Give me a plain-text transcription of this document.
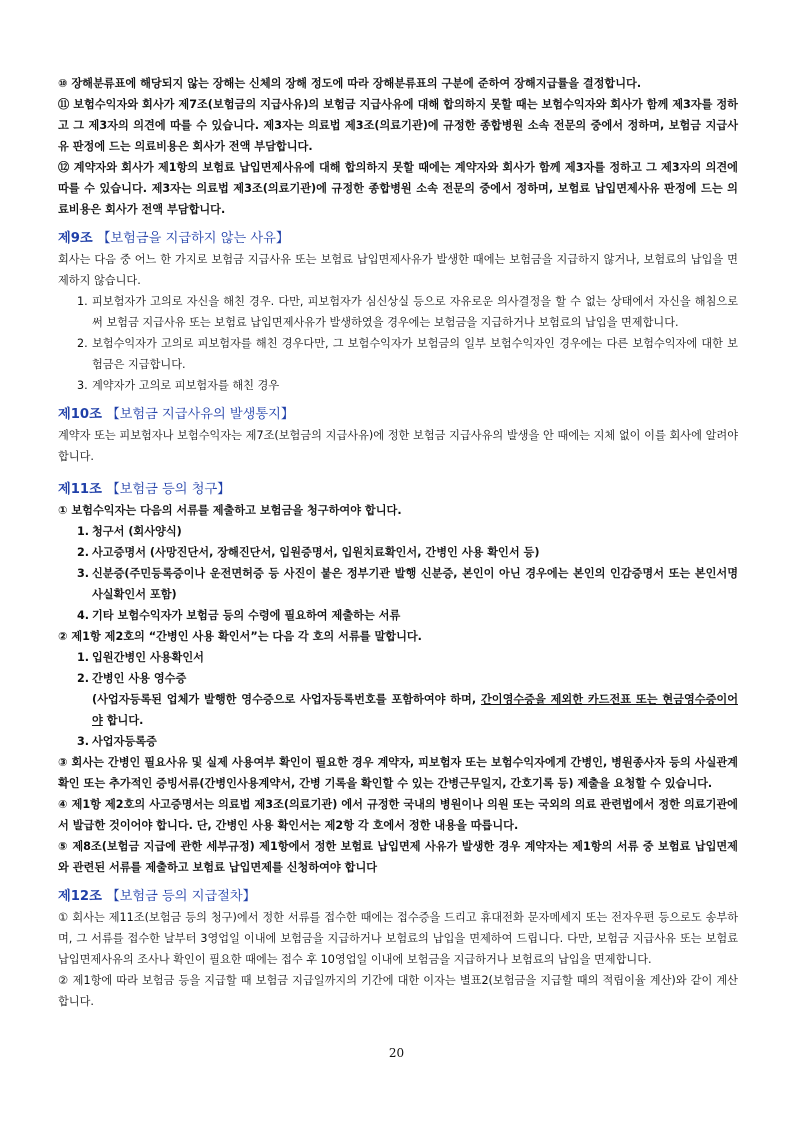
⑩ 장해분류표에 해당되지 않는 장해는 신체의 장해 정도에 따라 장해분류표의 구분에 준하여 장해지급률을 결정합니다.

⑪ 보험수익자와 회사가 제7조(보험금의 지급사유)의 보험금 지급사유에 대해 합의하지 못할 때는 보험수익자와 회사가 함께 제3자를 정하고 그 제3자의 의견에 따를 수 있습니다. 제3자는 의료법 제3조(의료기관)에 규정한 종합병원 소속 전문의 중에서 정하며, 보험금 지급사유 판정에 드는 의료비용은 회사가 전액 부담합니다.

⑫ 계약자와 회사가 제1항의 보험료 납입면제사유에 대해 합의하지 못할 때에는 계약자와 회사가 함께 제3자를 정하고 그 제3자의 의견에 따를 수 있습니다. 제3자는 의료법 제3조(의료기관)에 규정한 종합병원 소속 전문의 중에서 정하며, 보험료 납입면제사유 판정에 드는 의료비용은 회사가 전액 부담합니다.

제9조 【보험금을 지급하지 않는 사유】

회사는 다음 중 어느 한 가지로 보험금 지급사유 또는 보험료 납입면제사유가 발생한 때에는 보험금을 지급하지 않거나, 보험료의 납입을 면제하지 않습니다.

1. 피보험자가 고의로 자신을 해친 경우. 다만, 피보험자가 심신상실 등으로 자유로운 의사결정을 할 수 없는 상태에서 자신을 해침으로써 보험금 지급사유 또는 보험료 납입면제사유가 발생하였을 경우에는 보험금을 지급하거나 보험료의 납입을 면제합니다.
2. 보험수익자가 고의로 피보험자를 해친 경우다만, 그 보험수익자가 보험금의 일부 보험수익자인 경우에는 다른 보험수익자에 대한 보험금은 지급합니다.
3. 계약자가 고의로 피보험자를 해친 경우
제10조 【보험금 지급사유의 발생통지】

계약자 또는 피보험자나 보험수익자는 제7조(보험금의 지급사유)에 정한 보험금 지급사유의 발생을 안 때에는 지체 없이 이를 회사에 알려야 합니다.

제11조 【보험금 등의 청구】

① 보험수익자는 다음의 서류를 제출하고 보험금을 청구하여야 합니다.

1. 청구서 (회사양식)
2. 사고증명서 (사망진단서, 장해진단서, 입원증명서, 입원치료확인서, 간병인 사용 확인서 등)
3. 신분증(주민등록증이나 운전면허증 등 사진이 붙은 정부기관 발행 신분증, 본인이 아닌 경우에는 본인의 인감증명서 또는 본인서명사실확인서 포함)
4. 기타 보험수익자가 보험금 등의 수령에 필요하여 제출하는 서류

② 제1항 제2호의 “간병인 사용 확인서”는 다음 각 호의 서류를 말합니다.

1. 입원간병인 사용확인서
2. 간병인 사용 영수증
(사업자등록된 업체가 발행한 영수증으로 사업자등록번호를 포함하여야 하며, 간이영수증을 제외한 카드전표 또는 현금영수증이어야 합니다.
3. 사업자등록증

③ 회사는 간병인 필요사유 및 실제 사용여부 확인이 필요한 경우 계약자, 피보험자 또는 보험수익자에게 간병인, 병원종사자 등의 사실관계 확인 또는 추가적인 증빙서류(간병인사용계약서, 간병 기록을 확인할 수 있는 간병근무일지, 간호기록 등) 제출을 요청할 수 있습니다.

④ 제1항 제2호의 사고증명서는 의료법 제3조(의료기관) 에서 규정한 국내의 병원이나 의원 또는 국외의 의료 관련법에서 정한 의료기관에서 발급한 것이어야 합니다. 단, 간병인 사용 확인서는 제2항 각 호에서 정한 내용을 따릅니다.

⑤ 제8조(보험금 지급에 관한 세부규정) 제1항에서 정한 보험료 납입면제 사유가 발생한 경우 계약자는 제1항의 서류 중 보험료 납입면제와 관련된 서류를 제출하고 보험료 납입면제를 신청하여야 합니다

제12조 【보험금 등의 지급절차】

① 회사는 제11조(보험금 등의 청구)에서 정한 서류를 접수한 때에는 접수증을 드리고 휴대전화 문자메세지 또는 전자우편 등으로도 송부하며, 그 서류를 접수한 날부터 3영업일 이내에 보험금을 지급하거나 보험료의 납입을 면제하여 드립니다. 다만, 보험금 지급사유 또는 보험료 납입면제사유의 조사나 확인이 필요한 때에는 접수 후 10영업일 이내에 보험금을 지급하거나 보험료의 납입을 면제합니다.

② 제1항에 따라 보험금 등을 지급할 때 보험금 지급일까지의 기간에 대한 이자는 별표2(보험금을 지급할 때의 적립이율 계산)와 같이 계산합니다.

20
